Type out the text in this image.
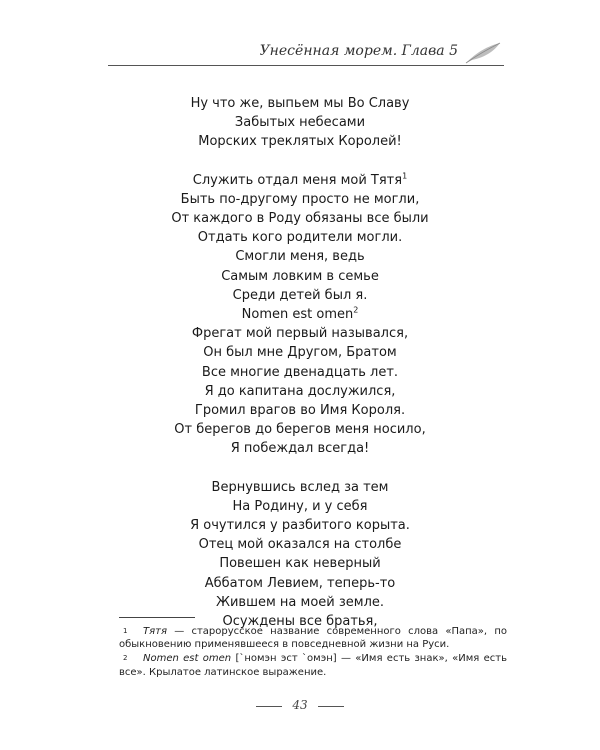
Унесённая морем. Глава 5
Ну что же, выпьем мы Во Славу
Забытых небесами
Морских треклятых Королей!
Служить отдал меня мой Тятя$^1$
Быть по-другому просто не могли,
От каждого в Роду обязаны все были
Отдать кого родители могли.
Смогли меня, ведь
Самым ловким в семье
Среди детей был я.
Nomen est omen$^2$
Фрегат мой первый назывался,
Он был мне Другом, Братом
Все многие двенадцать лет.
Я до капитана дослужился,
Громил врагов во Имя Короля.
От берегов до берегов меня носило,
Я побеждал всегда!
Вернувшись вслед за тем
На Родину, и у себя
Я очутился у разбитого корыта.
Отец мой оказался на столбе
Повешен как неверный
Аббатом Левием, теперь-то
Жившем на моей земле.
Осуждены все братья,
1 Тятя — старорусское название современного слова «Папа», по обыкновению применявшееся в повседневной жизни на Руси.
2 Nomen est omen [`номэн эст `омэн] — «Имя есть знак», «Имя есть все». Крылатое латинское выражение.
43
